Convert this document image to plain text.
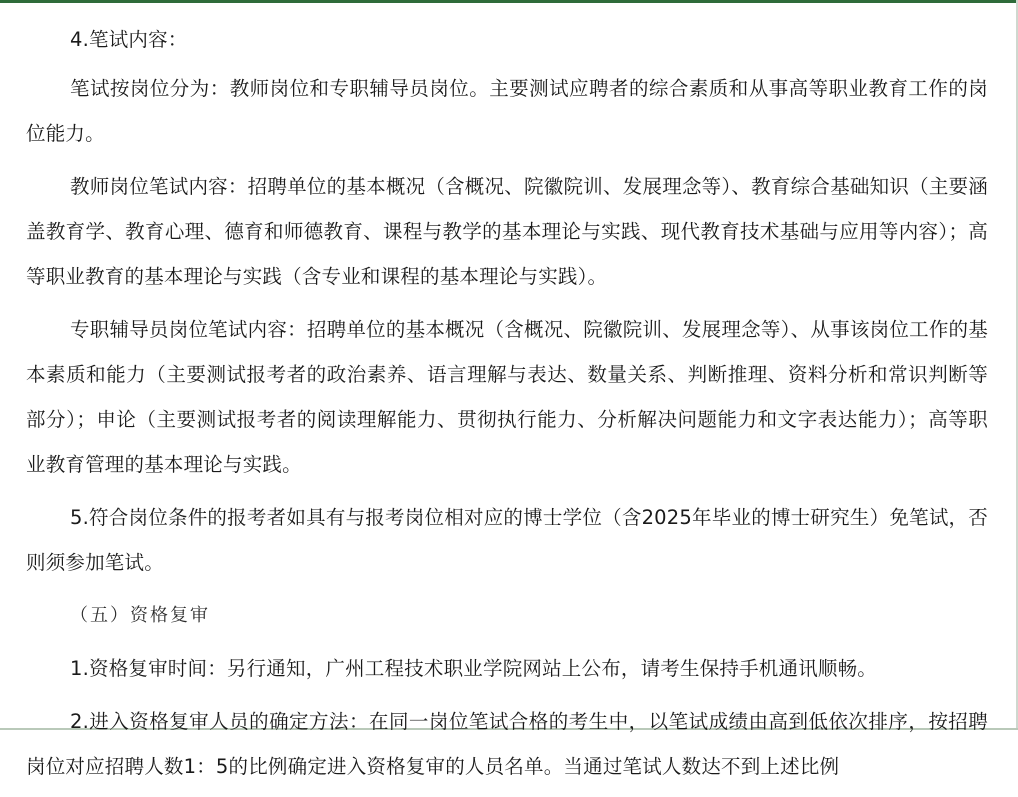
4.笔试内容：

笔试按岗位分为：教师岗位和专职辅导员岗位。主要测试应聘者的综合素质和从事高等职业教育工作的岗位能力。

教师岗位笔试内容：招聘单位的基本概况（含概况、院徽院训、发展理念等）、教育综合基础知识（主要涵盖教育学、教育心理、德育和师德教育、课程与教学的基本理论与实践、现代教育技术基础与应用等内容）；高等职业教育的基本理论与实践（含专业和课程的基本理论与实践）。

专职辅导员岗位笔试内容：招聘单位的基本概况（含概况、院徽院训、发展理念等）、从事该岗位工作的基本素质和能力（主要测试报考者的政治素养、语言理解与表达、数量关系、判断推理、资料分析和常识判断等部分）；申论（主要测试报考者的阅读理解能力、贯彻执行能力、分析解决问题能力和文字表达能力）；高等职业教育管理的基本理论与实践。

5.符合岗位条件的报考者如具有与报考岗位相对应的博士学位（含2025年毕业的博士研究生）免笔试，否则须参加笔试。

（五）资格复审

1.资格复审时间：另行通知，广州工程技术职业学院网站上公布，请考生保持手机通讯顺畅。

2.进入资格复审人员的确定方法：在同一岗位笔试合格的考生中，以笔试成绩由高到低依次排序，按招聘岗位对应招聘人数1：5的比例确定进入资格复审的人员名单。当通过笔试人数达不到上述比例
